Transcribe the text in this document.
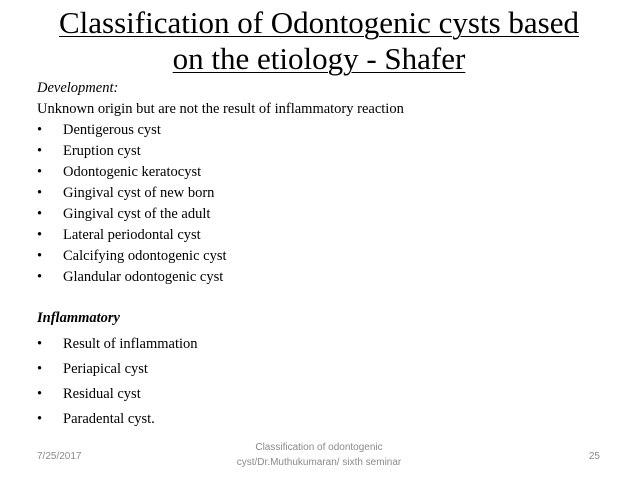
Classification of Odontogenic cysts based
on the etiology - Shafer
Development:
Unknown origin but are not the result of inflammatory reaction
• Dentigerous cyst
• Eruption cyst
• Odontogenic keratocyst
• Gingival cyst of new born
• Gingival cyst of the adult
• Lateral periodontal cyst
• Calcifying odontogenic cyst
• Glandular odontogenic cyst
Inflammatory
• Result of inflammation
• Periapical cyst
• Residual cyst
• Paradental cyst.
7/25/2017
Classification of odontogenic
cyst/Dr.Muthukumaran/ sixth seminar
25
